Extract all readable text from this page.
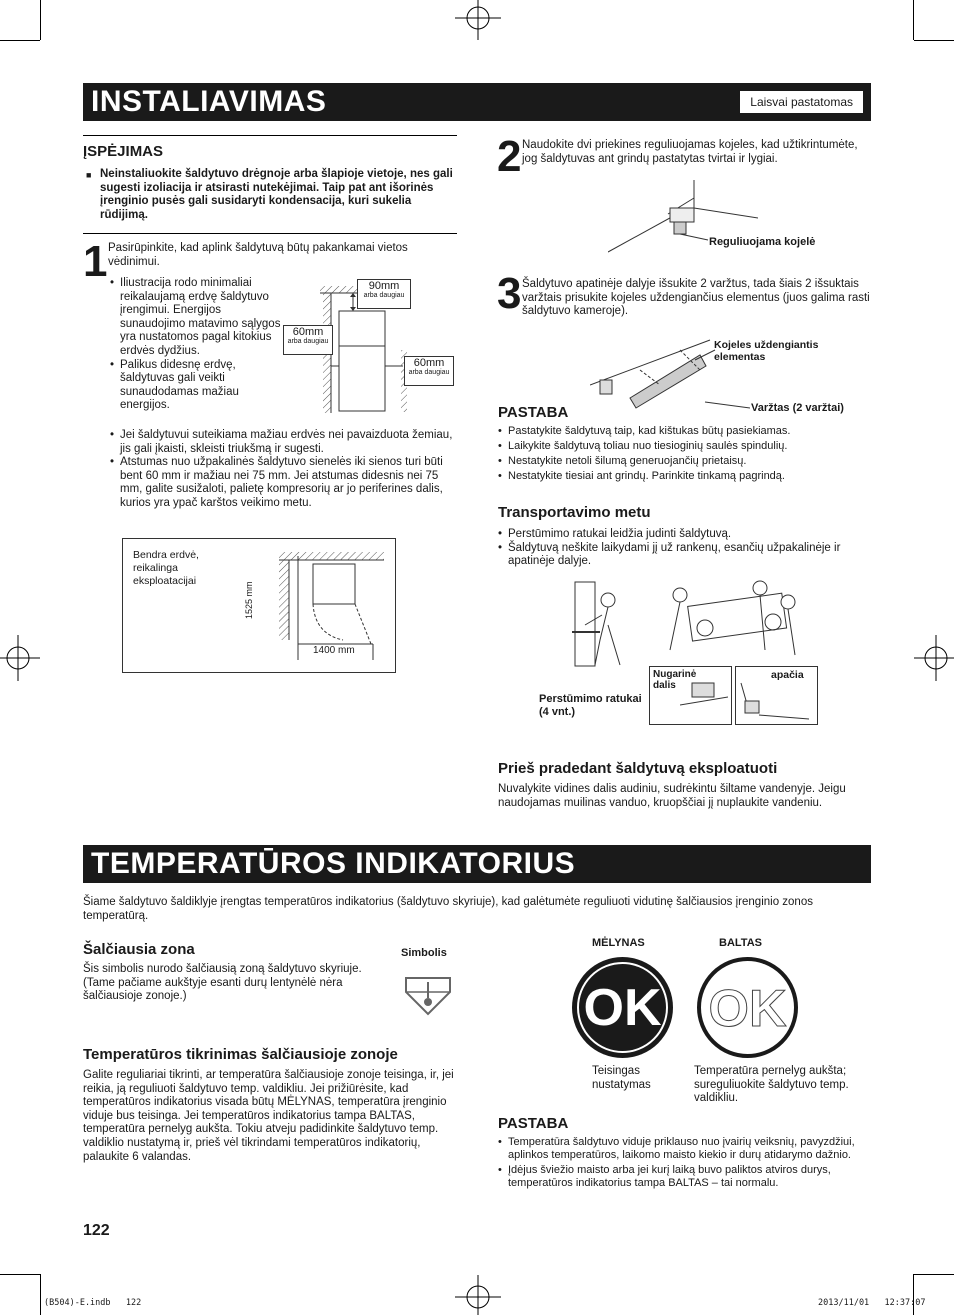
INSTALIAVIMAS	Laisvai pastatomas
ĮSPĖJIMAS
■ Neinstaliuokite šaldytuvo drėgnoje arba šlapioje vietoje, nes gali sugesti izoliacija ir atsirasti nutekėjimai. Taip pat ant išorinės įrenginio pusės gali susidaryti kondensacija, kuri sukelia rūdijimą.
1 Pasirūpinkite, kad aplink šaldytuvą būtų pakankamai vietos vėdinimui.
• Iliustracija rodo minimaliai reikalaujamą erdvę šaldytuvo įrengimui. Energijos sunaudojimo matavimo sąlygos yra nustatomos pagal kitokius erdvės dydžius.
• Palikus didesnę erdvę, šaldytuvas gali veikti sunaudodamas mažiau energijos.
• Jei šaldytuvui suteikiama mažiau erdvės nei pavaizduota žemiau, jis gali įkaisti, skleisti triukšmą ir sugesti.
• Atstumas nuo užpakalinės šaldytuvo sienelės iki sienos turi būti bent 60 mm ir mažiau nei 75 mm. Jei atstumas didesnis nei 75 mm, galite susižaloti, palietę kompresorių ar jo periferines dalis, kurios yra ypač karštos veikimo metu.
90mm
arba daugiau
60mm
arba daugiau
60mm
arba daugiau
Bendra erdvė, reikalinga eksploatacijai
1525 mm
1400 mm
2 Naudokite dvi priekines reguliuojamas kojeles, kad užtikrintumėte, jog šaldytuvas ant grindų pastatytas tvirtai ir lygiai.
Reguliuojama kojelė
3 Šaldytuvo apatinėje dalyje išsukite 2 varžtus, tada šiais 2 išsuktais varžtais prisukite kojeles uždengiančius elementus (juos galima rasti šaldytuvo kameroje).
Kojeles uždengiantis elementas
Varžtas (2 varžtai)
PASTABA
• Pastatykite šaldytuvą taip, kad kištukas būtų pasiekiamas.
• Laikykite šaldytuvą toliau nuo tiesioginių saulės spindulių.
• Nestatykite netoli šilumą generuojančių prietaisų.
• Nestatykite tiesiai ant grindų. Parinkite tinkamą pagrindą.
Transportavimo metu
• Perstūmimo ratukai leidžia judinti šaldytuvą.
• Šaldytuvą neškite laikydami jį už rankenų, esančių užpakalinėje ir apatinėje dalyje.
Nugarinė dalis
apačia
Perstūmimo ratukai (4 vnt.)
Prieš pradedant šaldytuvą eksploatuoti
Nuvalykite vidines dalis audiniu, sudrėkintu šiltame vandenyje. Jeigu naudojamas muilinas vanduo, kruopščiai jį nuplaukite vandeniu.
TEMPERATŪROS INDIKATORIUS
Šiame šaldytuvo šaldiklyje įrengtas temperatūros indikatorius (šaldytuvo skyriuje), kad galėtumėte reguliuoti vidutinę šalčiausios įrenginio zonos temperatūrą.
Šalčiausia zona
Šis simbolis nurodo šalčiausią zoną šaldytuvo skyriuje. (Tame pačiame aukštyje esanti durų lentynėlė nėra šalčiausioje zonoje.)
Simbolis
MĖLYNAS	BALTAS
OK OK
Teisingas nustatymas
Temperatūra pernelyg aukšta; sureguliuokite šaldytuvo temp. valdikliu.
Temperatūros tikrinimas šalčiausioje zonoje
Galite reguliariai tikrinti, ar temperatūra šalčiausioje zonoje teisinga, ir, jei reikia, ją reguliuoti šaldytuvo temp. valdikliu. Jei prižiūrėsite, kad temperatūros indikatorius visada būtų MĖLYNAS, temperatūra įrenginio viduje bus teisinga. Jei temperatūros indikatorius tampa BALTAS, temperatūra pernelyg aukšta. Tokiu atveju padidinkite šaldytuvo temp. valdiklio nustatymą ir, prieš vėl tikrindami temperatūros indikatorių, palaukite 6 valandas.
PASTABA
• Temperatūra šaldytuvo viduje priklauso nuo įvairių veiksnių, pavyzdžiui, aplinkos temperatūros, laikomo maisto kiekio ir durų atidarymo dažnio.
• Įdėjus šviežio maisto arba jei kurį laiką buvo paliktos atviros durys, temperatūros indikatorius tampa BALTAS – tai normalu.
122
(B504)-E.indb   122	2013/11/01   12:37:07
